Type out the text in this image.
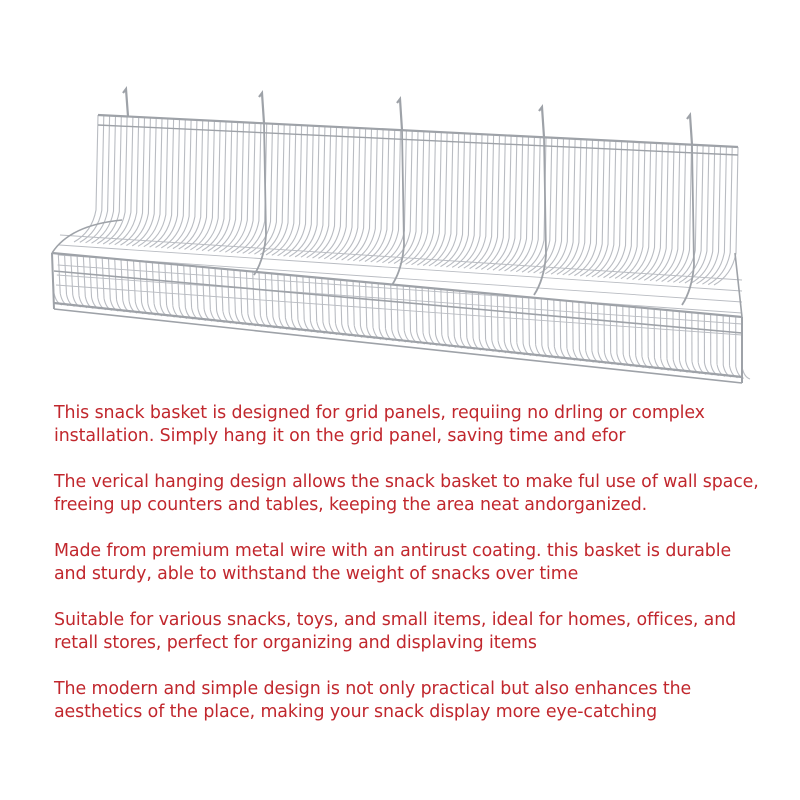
This snack basket is designed for grid panels, requiing no drling or complex installation. Simply hang it on the grid panel, saving time and efor

The verical hanging design allows the snack basket to make ful use of wall space, freeing up counters and tables, keeping the area neat andorganized.

Made from premium metal wire with an antirust coating. this basket is durable and sturdy, able to withstand the weight of snacks over time

Suitable for various snacks, toys, and small items, ideal for homes, offices, and retall stores, perfect for organizing and displaving items

The modern and simple design is not only practical but also enhances the aesthetics of the place, making your snack display more eye-catching
